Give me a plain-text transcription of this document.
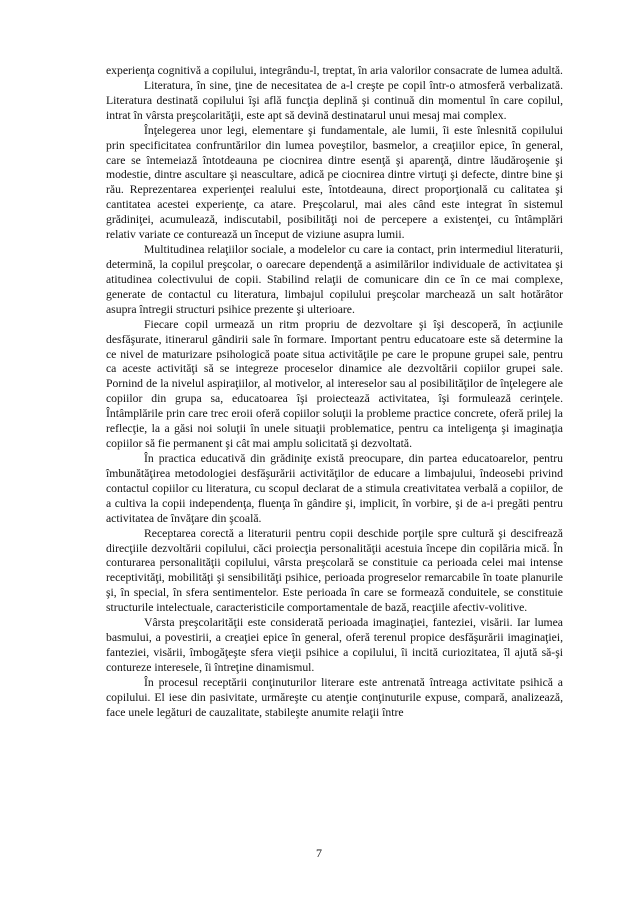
experienţa cognitivă a copilului, integrându-l, treptat, în aria valorilor consacrate de lumea adultă.

Literatura, în sine, ţine de necesitatea de a-l creşte pe copil într-o atmosferă verbalizată. Literatura destinată copilului îşi află funcţia deplină şi continuă din momentul în care copilul, intrat în vârsta preşcolarităţii, este apt să devină destinatarul unui mesaj mai complex.

Înţelegerea unor legi, elementare şi fundamentale, ale lumii, îi este înlesnită copilului prin specificitatea confruntărilor din lumea poveştilor, basmelor, a creaţiilor epice, în general, care se întemeiază întotdeauna pe ciocnirea dintre esenţă şi aparenţă, dintre lăudăroşenie şi modestie, dintre ascultare şi neascultare, adică pe ciocnirea dintre virtuţi şi defecte, dintre bine şi rău. Reprezentarea experienţei realului este, întotdeauna, direct proporţională cu calitatea şi cantitatea acestei experienţe, ca atare. Preşcolarul, mai ales când este integrat în sistemul grădiniţei, acumulează, indiscutabil, posibilităţi noi de percepere a existenţei, cu întâmplări relativ variate ce conturează un început de viziune asupra lumii.

Multitudinea relaţiilor sociale, a modelelor cu care ia contact, prin intermediul literaturii, determină, la copilul preşcolar, o oarecare dependenţă a asimilărilor individuale de activitatea şi atitudinea colectivului de copii. Stabilind relaţii de comunicare din ce în ce mai complexe, generate de contactul cu literatura, limbajul copilului preşcolar marchează un salt hotărâtor asupra întregii structuri psihice prezente şi ulterioare.

Fiecare copil urmează un ritm propriu de dezvoltare şi îşi descoperă, în acţiunile desfăşurate, itinerarul gândirii sale în formare. Important pentru educatoare este să determine la ce nivel de maturizare psihologică poate situa activităţile pe care le propune grupei sale, pentru ca aceste activităţi să se integreze proceselor dinamice ale dezvoltării copiilor grupei sale. Pornind de la nivelul aspiraţiilor, al motivelor, al intereselor sau al posibilităţilor de înţelegere ale copiilor din grupa sa, educatoarea îşi proiectează activitatea, îşi formulează cerinţele. Întâmplările prin care trec eroii oferă copiilor soluţii la probleme practice concrete, oferă prilej la reflecţie, la a găsi noi soluţii în unele situaţii problematice, pentru ca inteligenţa şi imaginaţia copiilor să fie permanent şi cât mai amplu solicitată şi dezvoltată.

În practica educativă din grădiniţe există preocupare, din partea educatoarelor, pentru îmbunătăţirea metodologiei desfăşurării activităţilor de educare a limbajului, îndeosebi privind contactul copiilor cu literatura, cu scopul declarat de a stimula creativitatea verbală a copiilor, de a cultiva la copii independenţa, fluenţa în gândire şi, implicit, în vorbire, şi de a-i pregăti pentru activitatea de învăţare din şcoală.

Receptarea corectă a literaturii pentru copii deschide porţile spre cultură şi descifrează direcţiile dezvoltării copilului, căci proiecţia personalităţii acestuia începe din copilăria mică. În conturarea personalităţii copilului, vârsta preşcolară se constituie ca perioada celei mai intense receptivităţi, mobilităţi şi sensibilităţi psihice, perioada progreselor remarcabile în toate planurile şi, în special, în sfera sentimentelor. Este perioada în care se formează conduitele, se constituie structurile intelectuale, caracteristicile comportamentale de bază, reacţiile afectiv-volitive.

Vârsta preşcolarităţii este considerată perioada imaginaţiei, fanteziei, visării. Iar lumea basmului, a povestirii, a creaţiei epice în general, oferă terenul propice desfăşurării imaginaţiei, fanteziei, visării, îmbogăţeşte sfera vieţii psihice a copilului, îi incită curiozitatea, îl ajută să-şi contureze interesele, îi întreţine dinamismul.

În procesul receptării conţinuturilor literare este antrenată întreaga activitate psihică a copilului. El iese din pasivitate, urmăreşte cu atenţie conţinuturile expuse, compară, analizează, face unele legături de cauzalitate, stabileşte anumite relaţii între

7
